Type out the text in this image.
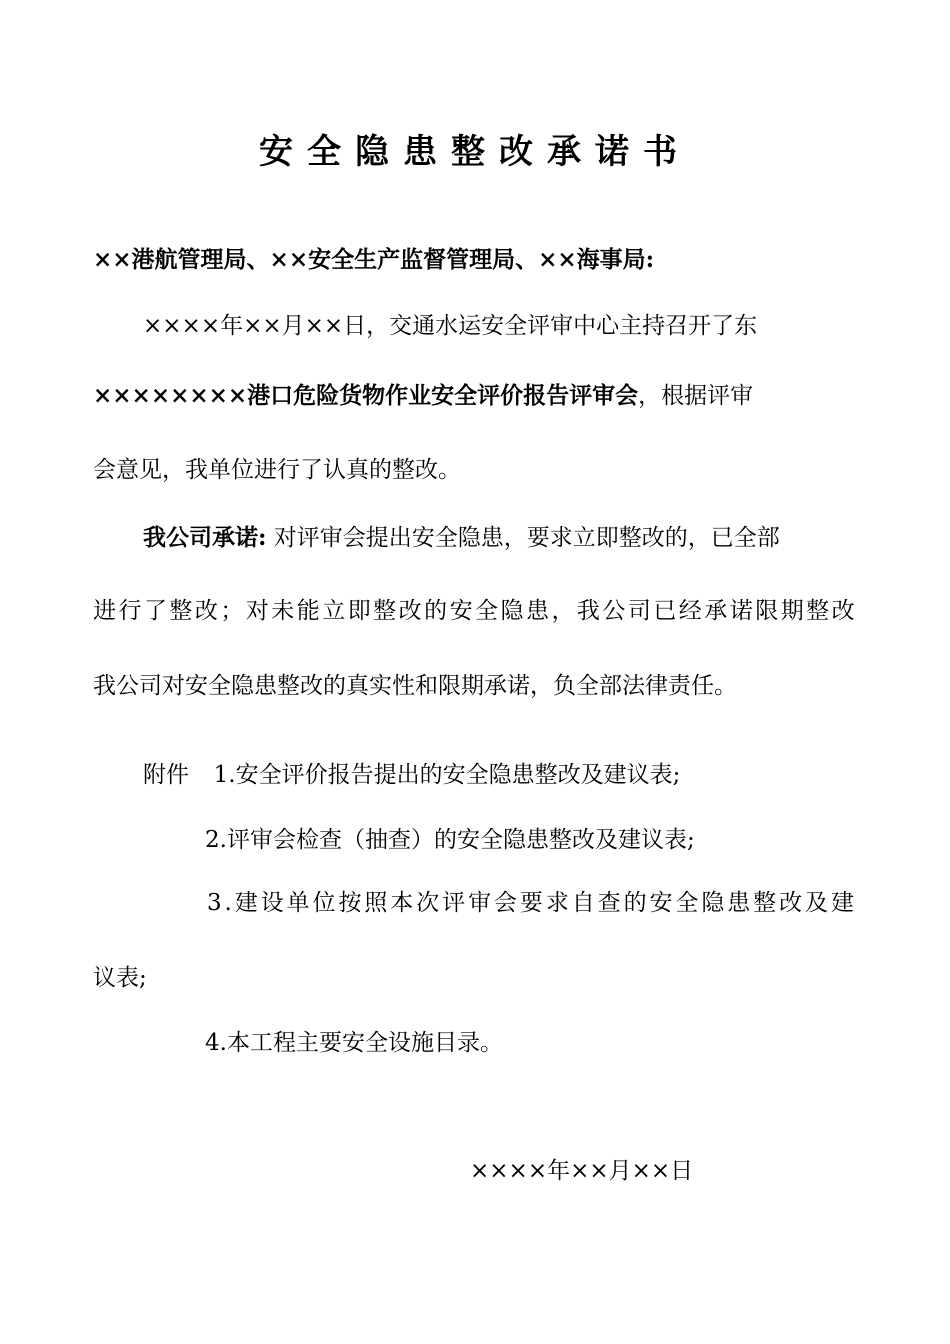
安全隐患整改承诺书
××港航管理局、××安全生产监督管理局、××海事局:
××××年××月××日，交通水运安全评审中心主持召开了东
××××××××港口危险货物作业安全评价报告评审会，根据评审
会意见，我单位进行了认真的整改。
我公司承诺: 对评审会提出安全隐患，要求立即整改的，已全部
进行了整改；对未能立即整改的安全隐患，我公司已经承诺限期整改
我公司对安全隐患整改的真实性和限期承诺，负全部法律责任。
附件 1.安全评价报告提出的安全隐患整改及建议表;
2.评审会检查（抽查）的安全隐患整改及建议表;
3.建设单位按照本次评审会要求自查的安全隐患整改及建
议表;
4.本工程主要安全设施目录。
××××年××月××日
